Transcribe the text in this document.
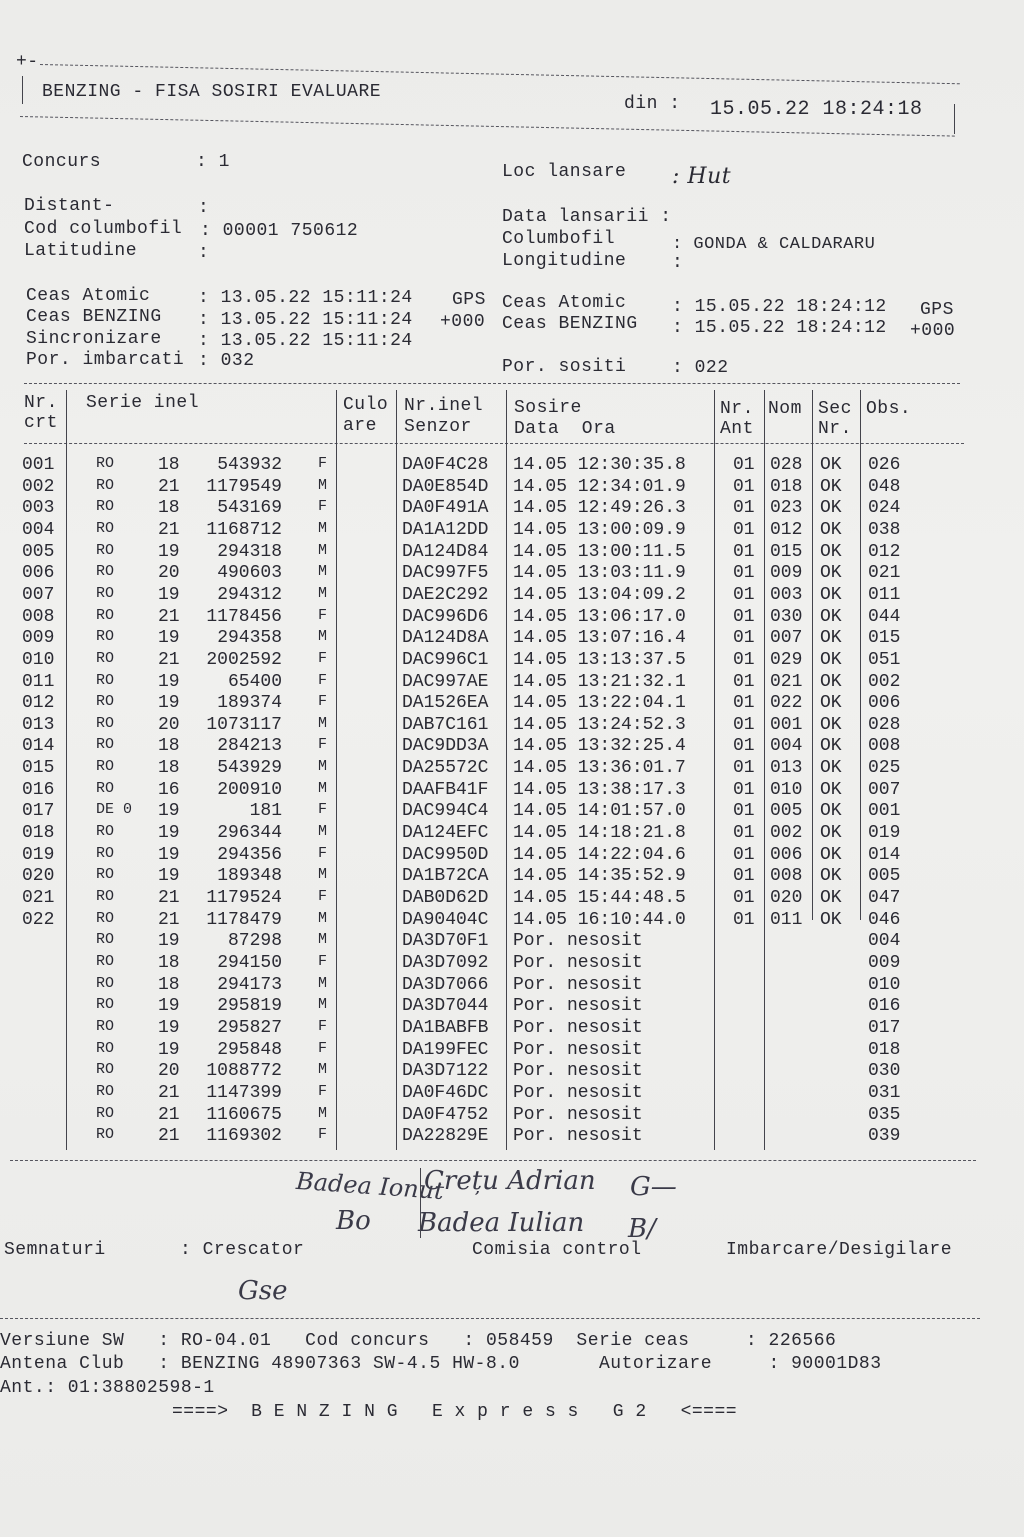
+-
BENZING - FISA SOSIRI EVALUARE
din : 15.05.22 18:24:18
Concurs	: 1
Distant-	:
Cod columbofil : 00001 750612
Latitudine	:
Loc lansare : Hut
Data lansarii :
Columbofil	: GONDA & CALDARARU
Longitudine	:
Ceas Atomic	: 13.05.22 15:11:24 GPS
Ceas BENZING : 13.05.22 15:11:24 +000
Sincronizare : 13.05.22 15:11:24
Por. imbarcati : 032
Ceas Atomic	: 15.05.22 18:24:12 GPS
Ceas BENZING : 15.05.22 18:24:12 +000
Por. sositi	: 022
Nr.
crt
Serie inel	Culo
are
Nr.inel
Senzor
Sosire
Data  Ora
Nr.
Ant
Nom Sec
Nr.
Obs.
001	RO 18	543932 F	DA0F4C28 14.05 12:30:35.8	01 028 OK 026
002	RO 21	1179549 M	DA0E854D 14.05 12:34:01.9	01 018 OK 048
003	RO 18	543169 F	DA0F491A 14.05 12:49:26.3	01 023 OK 024
004	RO 21	1168712 M	DA1A12DD 14.05 13:00:09.9	01 012 OK 038
005	RO 19	294318 M	DA124D84 14.05 13:00:11.5	01 015 OK 012
006	RO 20	490603 M	DAC997F5 14.05 13:03:11.9	01 009 OK 021
007	RO 19	294312 M	DAE2C292 14.05 13:04:09.2	01 003 OK 011
008	RO 21	1178456 F	DAC996D6 14.05 13:06:17.0	01 030 OK 044
009	RO 19	294358 M	DA124D8A 14.05 13:07:16.4	01 007 OK 015
010	RO 21	2002592 F	DAC996C1 14.05 13:13:37.5	01 029 OK 051
011	RO 19	65400 F	DAC997AE 14.05 13:21:32.1	01 021 OK 002
012	RO 19	189374 F	DA1526EA 14.05 13:22:04.1	01 022 OK 006
013	RO 20	1073117 M	DAB7C161 14.05 13:24:52.3	01 001 OK 028
014	RO 18	284213 F	DAC9DD3A 14.05 13:32:25.4	01 004 OK 008
015	RO 18	543929 M	DA25572C 14.05 13:36:01.7	01 013 OK 025
016	RO 16	200910 M	DAAFB41F 14.05 13:38:17.3	01 010 OK 007
017	DE 0 19	181 F	DAC994C4 14.05 14:01:57.0	01 005 OK 001
018	RO 19	296344 M	DA124EFC 14.05 14:18:21.8	01 002 OK 019
019	RO 19	294356 F	DAC9950D 14.05 14:22:04.6	01 006 OK 014
020	RO 19	189348 M	DA1B72CA 14.05 14:35:52.9	01 008 OK 005
021	RO 21	1179524 F	DAB0D62D 14.05 15:44:48.5	01 020 OK 047
022	RO 21	1178479 M	DA90404C 14.05 16:10:44.0	01 011 OK 046
RO 19	87298 M	DA3D70F1 Por. nesosit	004
RO 18	294150 F	DA3D7092 Por. nesosit	009
RO 18	294173 M	DA3D7066 Por. nesosit	010
RO 19	295819 M	DA3D7044 Por. nesosit	016
RO 19	295827 F	DA1BABFB Por. nesosit	017
RO 19	295848 F	DA199FEC Por. nesosit	018
RO 20	1088772 M	DA3D7122 Por. nesosit	030
RO 21	1147399 F	DA0F46DC Por. nesosit	031
RO 21	1160675 M	DA0F4752 Por. nesosit	035
RO 21	1169302 F	DA22829E Por. nesosit	039
Badea Ionut
Crețu Adrian
Badea Iulian
Bo
G—
B/
Gse
Semnaturi	: Crescator	Comisia control	Imbarcare/Desigilare
Versiune SW   : RO-04.01   Cod concurs   : 058459  Serie ceas     : 226566
Antena Club   : BENZING 48907363 SW-4.5 HW-8.0       Autorizare     : 90001D83
Ant.: 01:38802598-1
====>  B E N Z I N G   E x p r e s s   G 2   <====
